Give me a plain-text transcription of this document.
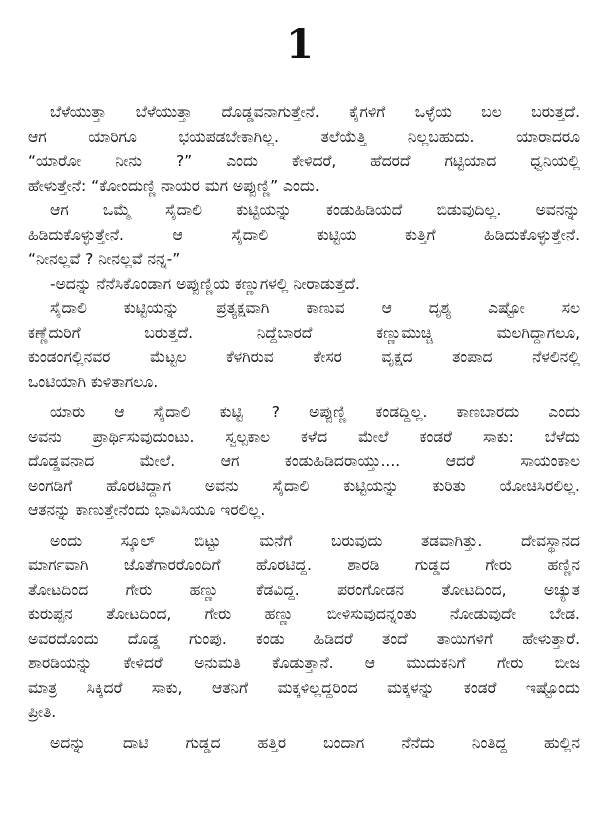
1
ಬೆಳೆಯುತ್ತಾ ಬೆಳೆಯುತ್ತಾ ದೊಡ್ಡವನಾಗುತ್ತೇನೆ. ಕೈಗಳಿಗೆ ಒಳ್ಳೆಯ ಬಲ ಬರುತ್ತದೆ.
ಆಗ ಯಾರಿಗೂ ಭಯಪಡಬೇಕಾಗಿಲ್ಲ. ತಲೆಯೆತ್ತಿ ನಿಲ್ಲಬಹುದು. ಯಾರಾದರೂ
“ಯಾರೋ ನೀನು ?” ಎಂದು ಕೇಳಿದರೆ, ಹೆದರದೆ ಗಟ್ಟಿಯಾದ ಧ್ವನಿಯಲ್ಲಿ
ಹೇಳುತ್ತೇನೆ: “ಕೋಂದುಣ್ಣಿ ನಾಯರ ಮಗ ಅಪ್ಪುಣ್ಣಿ” ಎಂದು.
ಆಗ ಒಮ್ಮೆ ಸೈದಾಲಿ ಕುಟ್ಟಿಯನ್ನು ಕಂಡುಹಿಡಿಯದೆ ಬಿಡುವುದಿಲ್ಲ. ಅವನನ್ನು
ಹಿಡಿದುಕೊಳ್ಳುತ್ತೇನೆ. ಆ ಸೈದಾಲಿ ಕುಟ್ಟಿಯ ಕುತ್ತಿಗೆ ಹಿಡಿದುಕೊಳ್ಳುತ್ತೇನೆ.
“ನೀನಲ್ಲವೆ ? ನೀನಲ್ಲವೆ ನನ್ನ-”
-ಅದನ್ನು ನೆನೆಸಿಕೊಂಡಾಗ ಅಪ್ಪುಣ್ಣಿಯ ಕಣ್ಣುಗಳಲ್ಲಿ ನೀರಾಡುತ್ತದೆ.
ಸೈದಾಲಿ ಕುಟ್ಟಿಯನ್ನು ಪ್ರತ್ಯಕ್ಷವಾಗಿ ಕಾಣುವ ಆ ದೃಶ್ಯ ಎಷ್ಟೋ ಸಲ
ಕಣ್ಣೆದುರಿಗೆ ಬರುತ್ತದೆ. ನಿದ್ದೆಬಾರದೆ ಕಣ್ಣುಮುಚ್ಚಿ ಮಲಗಿದ್ದಾಗಲೂ,
ಕುಂಡಂಗಲ್ಲಿನವರ ಮೆಟ್ಟಲ ಕೆಳಗಿರುವ ಕೇಸರ ವೃಕ್ಷದ ತಂಪಾದ ನೆಳಲಿನಲ್ಲಿ
ಒಂಟಿಯಾಗಿ ಕುಳಿತಾಗಲೂ.
ಯಾರು ಆ ಸೈದಾಲಿ ಕುಟ್ಟಿ ? ಅಪ್ಪುಣ್ಣಿ ಕಂಡದ್ದಿಲ್ಲ. ಕಾಣಬಾರದು ಎಂದು
ಅವನು ಪ್ರಾರ್ಥಿಸುವುದುಂಟು. ಸ್ವಲ್ಪಕಾಲ ಕಳೆದ ಮೇಲೆ ಕಂಡರೆ ಸಾಕು: ಬೆಳೆದು
ದೊಡ್ಡವನಾದ ಮೇಲೆ. ಆಗ ಕಂಡುಹಿಡಿದರಾಯ್ತು.... ಆದರೆ ಸಾಯಂಕಾಲ
ಅಂಗಡಿಗೆ ಹೊರಟಿದ್ದಾಗ ಅವನು ಸೈದಾಲಿ ಕುಟ್ಟಿಯನ್ನು ಕುರಿತು ಯೋಚಿಸಿರಲಿಲ್ಲ.
ಆತನನ್ನು ಕಾಣುತ್ತೇನೆಂದು ಭಾವಿಸಿಯೂ ಇರಲಿಲ್ಲ.
ಅಂದು ಸ್ಕೂಲ್ ಬಿಟ್ಟು ಮನೆಗೆ ಬರುವುದು ತಡವಾಗಿತ್ತು. ದೇವಸ್ಥಾನದ
ಮಾರ್ಗವಾಗಿ ಜೊತೆಗಾರರೊಂದಿಗೆ ಹೊರಟಿದ್ದ. ಶಾರಡಿ ಗುಡ್ಡದ ಗೇರು ಹಣ್ಣಿನ
ತೋಟದಿಂದ ಗೇರು ಹಣ್ಣು ಕೆಡವಿದ್ದ. ಪರಂಗೋಡನ ತೋಟದಿಂದ, ಅಚ್ಯುತ
ಕುರುಪ್ಪನ ತೋಟದಿಂದ, ಗೇರು ಹಣ್ಣು ಬೀಳಿಸುವುದನ್ನಂತು ನೋಡುವುದೇ ಬೇಡ.
ಅವರದೊಂದು ದೊಡ್ಡ ಗುಂಪು. ಕಂಡು ಹಿಡಿದರೆ ತಂದೆ ತಾಯಿಗಳಿಗೆ ಹೇಳುತ್ತಾರೆ.
ಶಾರಡಿಯನ್ನು ಕೇಳಿದರೆ ಅನುಮತಿ ಕೊಡುತ್ತಾನೆ. ಆ ಮುದುಕನಿಗೆ ಗೇರು ಬೀಜ
ಮಾತ್ರ ಸಿಕ್ಕಿದರೆ ಸಾಕು, ಆತನಿಗೆ ಮಕ್ಕಳಿಲ್ಲದ್ದರಿಂದ ಮಕ್ಕಳನ್ನು ಕಂಡರೆ ಇಷ್ಟೊಂದು
ಪ್ರೀತಿ.
ಅದನ್ನು ದಾಟಿ ಗುಡ್ಡದ ಹತ್ತಿರ ಬಂದಾಗ ನೆನೆದು ನಿಂತಿದ್ದ ಹುಲ್ಲಿನ
